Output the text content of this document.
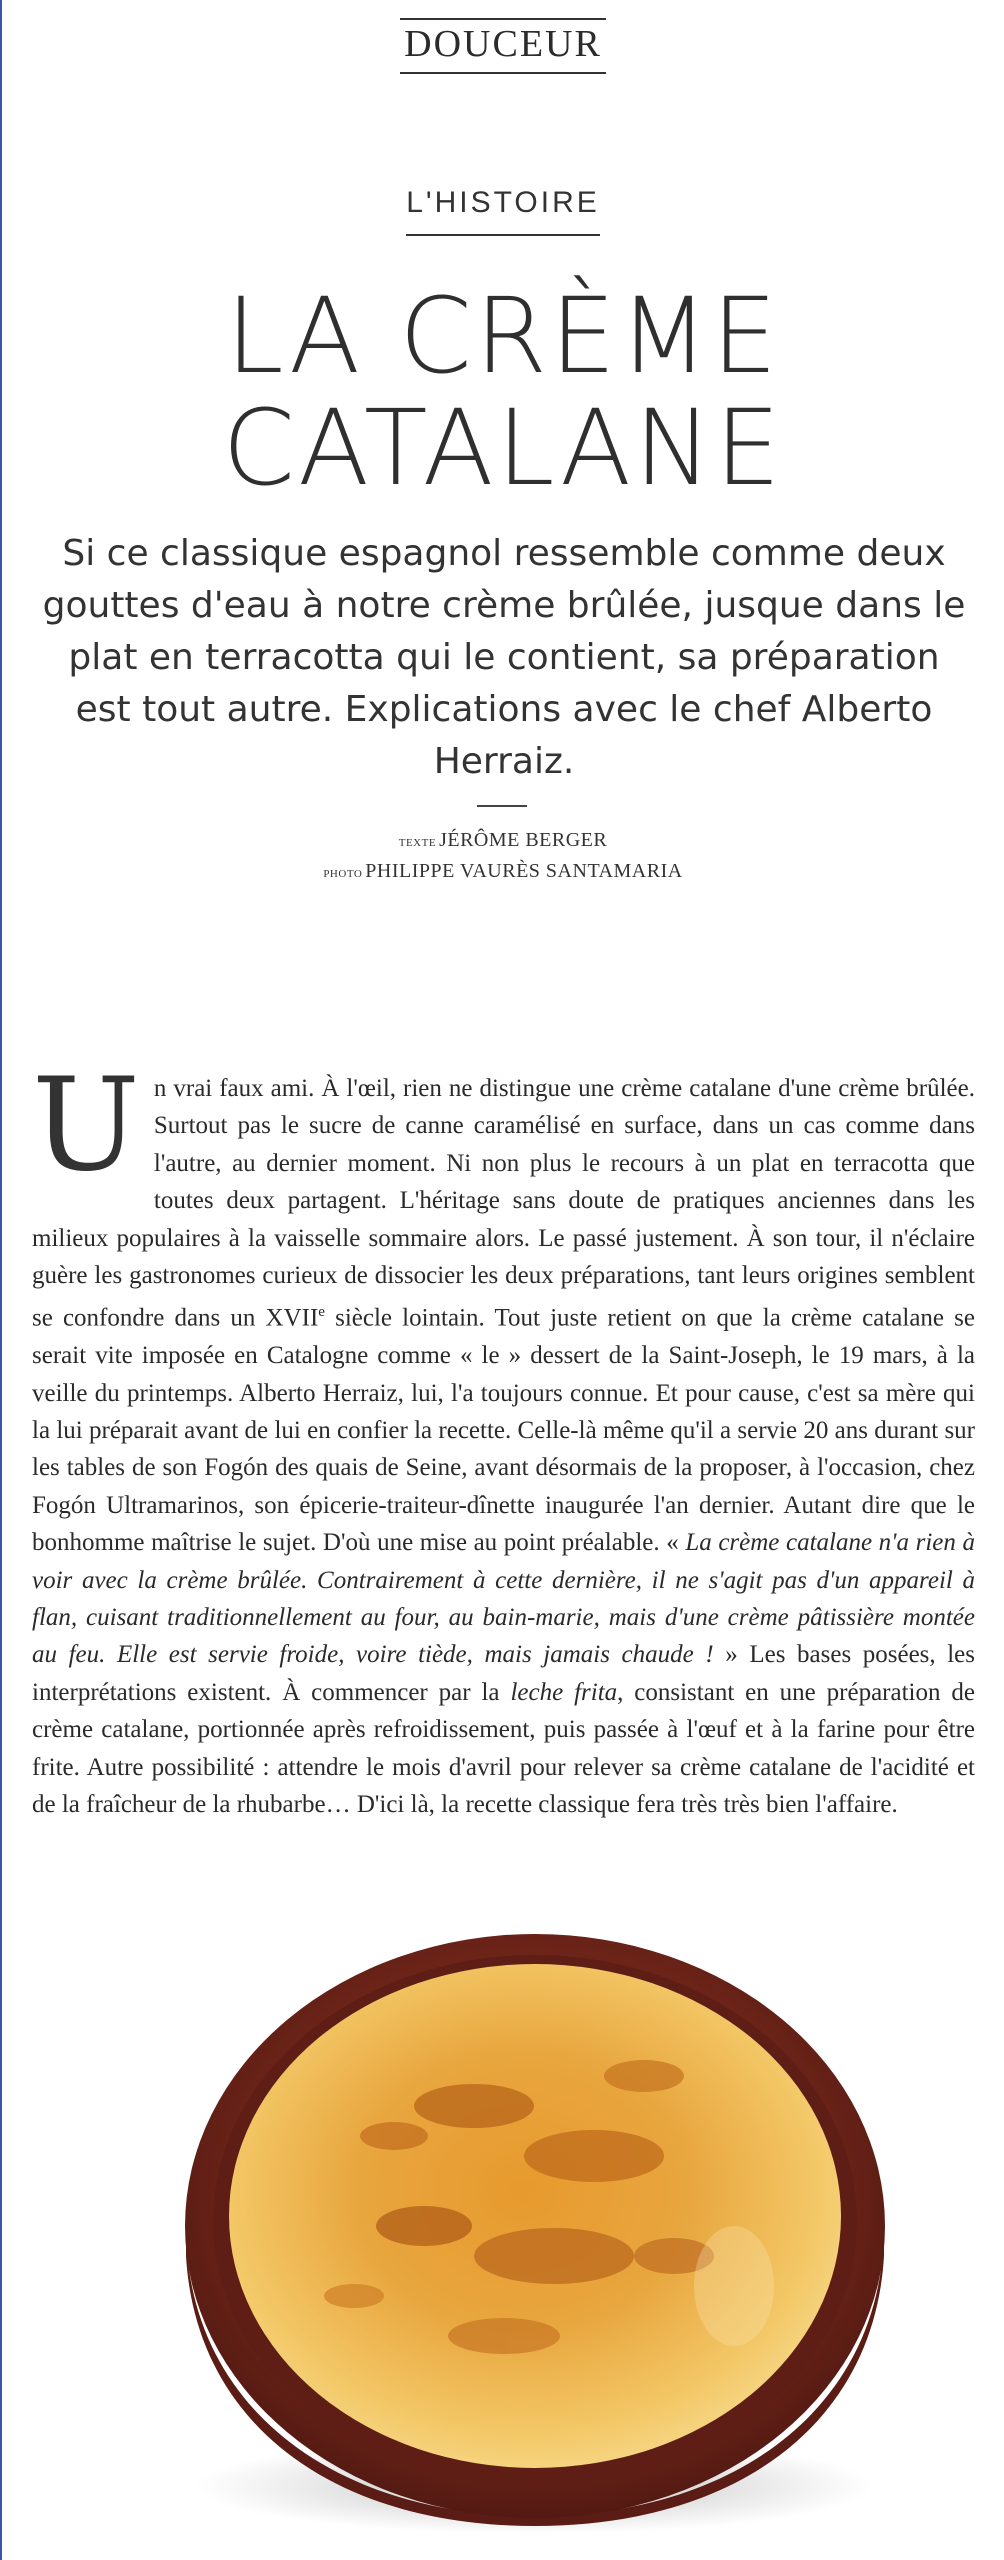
DOUCEUR
L'HISTOIRE
LA CRÈME
CATALANE
Si ce classique espagnol ressemble comme deux gouttes d'eau à notre crème brûlée, jusque dans le plat en terracotta qui le contient, sa préparation est tout autre. Explications avec le chef Alberto Herraiz.
TEXTE JÉRÔME BERGER
PHOTO PHILIPPE VAURÈS SANTAMARIA
Un vrai faux ami. À l'œil, rien ne distingue une crème catalane d'une crème brûlée. Surtout pas le sucre de canne caramélisé en surface, dans un cas comme dans l'autre, au dernier moment. Ni non plus le recours à un plat en terracotta que toutes deux partagent. L'héritage sans doute de pratiques anciennes dans les milieux populaires à la vaisselle sommaire alors. Le passé justement. À son tour, il n'éclaire guère les gastronomes curieux de dissocier les deux préparations, tant leurs origines semblent se confondre dans un XVIIe siècle lointain. Tout juste retient on que la crème catalane se serait vite imposée en Catalogne comme « le » dessert de la Saint-Joseph, le 19 mars, à la veille du printemps. Alberto Herraiz, lui, l'a toujours connue. Et pour cause, c'est sa mère qui la lui préparait avant de lui en confier la recette. Celle-là même qu'il a servie 20 ans durant sur les tables de son Fogón des quais de Seine, avant désormais de la proposer, à l'occasion, chez Fogón Ultramarinos, son épicerie-traiteur-dînette inaugurée l'an dernier. Autant dire que le bonhomme maîtrise le sujet. D'où une mise au point préalable. « La crème catalane n'a rien à voir avec la crème brûlée. Contrairement à cette dernière, il ne s'agit pas d'un appareil à flan, cuisant traditionnellement au four, au bain-marie, mais d'une crème pâtissière montée au feu. Elle est servie froide, voire tiède, mais jamais chaude ! » Les bases posées, les interprétations existent. À commencer par la leche frita, consistant en une préparation de crème catalane, portionnée après refroidissement, puis passée à l'œuf et à la farine pour être frite. Autre possibilité : attendre le mois d'avril pour relever sa crème catalane de l'acidité et de la fraîcheur de la rhubarbe… D'ici là, la recette classique fera très très bien l'affaire.
